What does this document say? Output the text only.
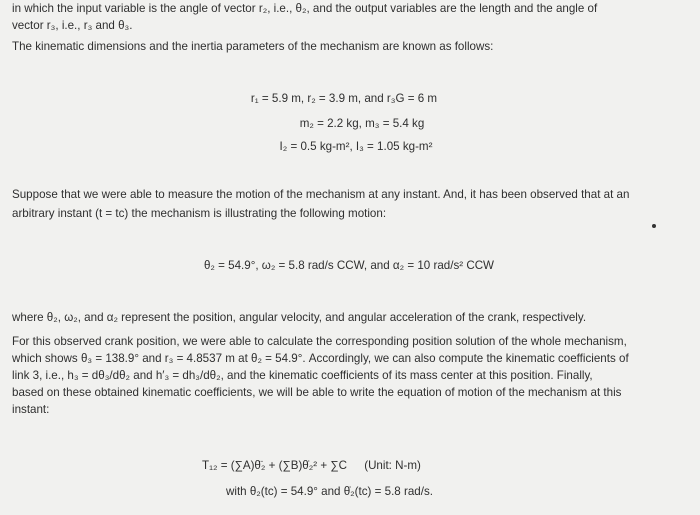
in which the input variable is the angle of vector r₂, i.e., θ₂, and the output variables are the length and the angle of
vector r₃, i.e., r₃ and θ₃.
The kinematic dimensions and the inertia parameters of the mechanism are known as follows:
r₁ = 5.9 m, r₂ = 3.9 m, and r₃G = 6 m
m₂ = 2.2 kg, m₃ = 5.4 kg
I₂ = 0.5 kg-m², I₃ = 1.05 kg-m²
Suppose that we were able to measure the motion of the mechanism at any instant. And, it has been observed that at an
arbitrary instant (t = tc) the mechanism is illustrating the following motion:
θ₂ = 54.9°, ω₂ = 5.8 rad/s CCW, and α₂ = 10 rad/s² CCW
where θ₂, ω₂, and α₂ represent the position, angular velocity, and angular acceleration of the crank, respectively.
For this observed crank position, we were able to calculate the corresponding position solution of the whole mechanism,
which shows θ₃ = 138.9° and r₃ = 4.8537 m at θ₂ = 54.9°. Accordingly, we can also compute the kinematic coefficients of
link 3, i.e., h₃ = dθ₃/dθ₂ and h′₃ = dh₃/dθ₂, and the kinematic coefficients of its mass center at this position. Finally,
based on these obtained kinematic coefficients, we will be able to write the equation of motion of the mechanism at this
instant:
T₁₂ = (∑A)θ̈₂ + (∑B)θ̇₂² + ∑C (Unit: N-m)
with θ₂(tc) = 54.9° and θ̇₂(tc) = 5.8 rad/s.
